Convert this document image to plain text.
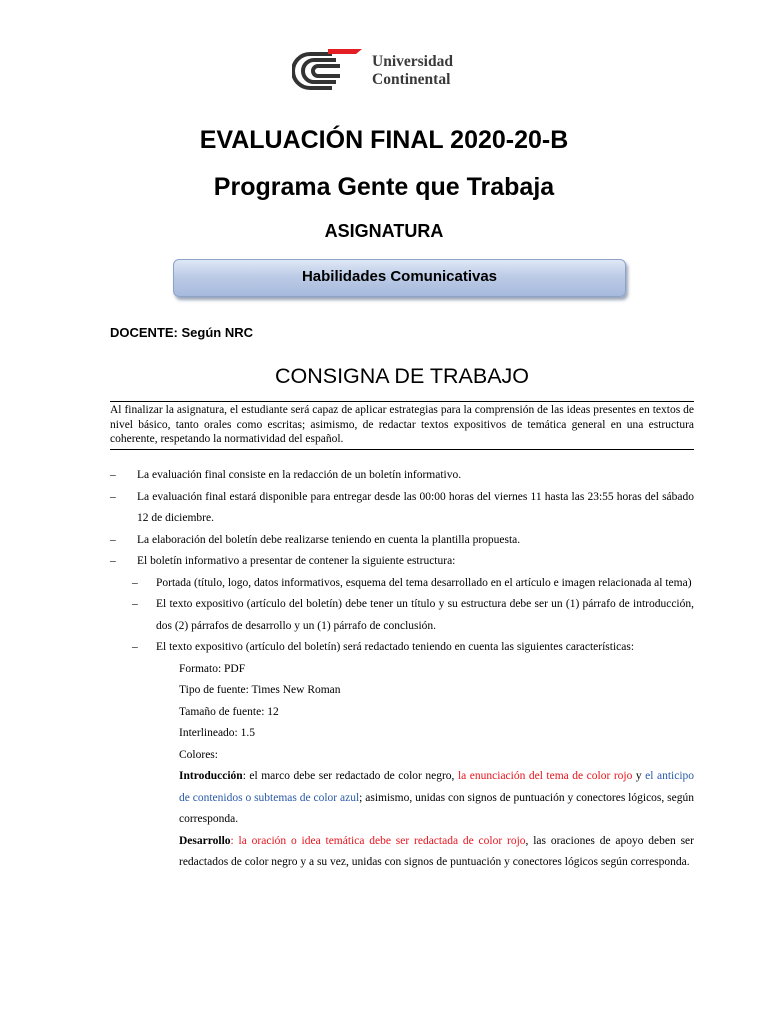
Universidad
Continental
EVALUACIÓN FINAL 2020-20-B
Programa Gente que Trabaja
ASIGNATURA
Habilidades Comunicativas
DOCENTE: Según NRC
CONSIGNA DE TRABAJO
Al finalizar la asignatura, el estudiante será capaz de aplicar estrategias para la comprensión de las ideas presentes en textos de nivel básico, tanto orales como escritas; asimismo, de redactar textos expositivos de temática general en una estructura coherente, respetando la normatividad del español.
– La evaluación final consiste en la redacción de un boletín informativo.
– La evaluación final estará disponible para entregar desde las 00:00 horas del viernes 11 hasta las 23:55 horas del sábado 12 de diciembre.
– La elaboración del boletín debe realizarse teniendo en cuenta la plantilla propuesta.
– El boletín informativo a presentar de contener la siguiente estructura:
– Portada (título, logo, datos informativos, esquema del tema desarrollado en el artículo e imagen relacionada al tema)
– El texto expositivo (artículo del boletín) debe tener un título y su estructura debe ser un (1) párrafo de introducción, dos (2) párrafos de desarrollo y un (1) párrafo de conclusión.
– El texto expositivo (artículo del boletín) será redactado teniendo en cuenta las siguientes características:
Formato: PDF
Tipo de fuente: Times New Roman
Tamaño de fuente: 12
Interlineado: 1.5
Colores:
Introducción: el marco debe ser redactado de color negro, la enunciación del tema de color rojo y el anticipo de contenidos o subtemas de color azul; asimismo, unidas con signos de puntuación y conectores lógicos, según corresponda.
Desarrollo: la oración o idea temática debe ser redactada de color rojo, las oraciones de apoyo deben ser redactados de color negro y a su vez, unidas con signos de puntuación y conectores lógicos según corresponda.
